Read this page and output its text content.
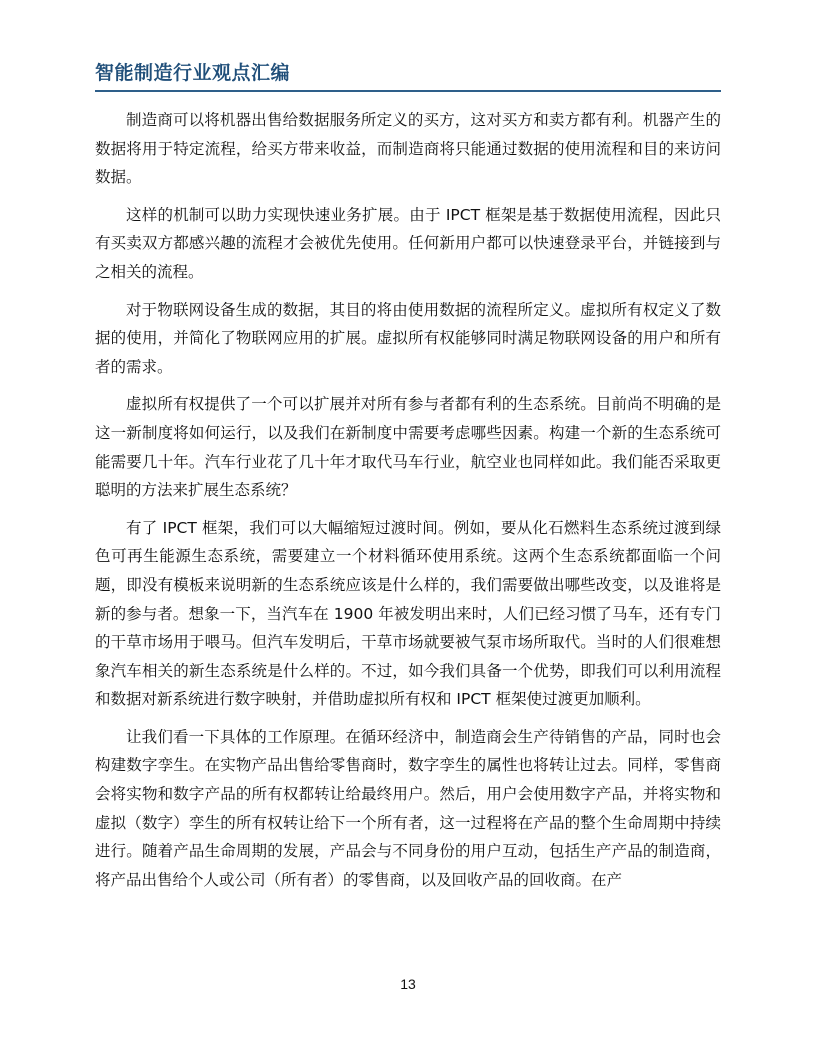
智能制造行业观点汇编

制造商可以将机器出售给数据服务所定义的买方，这对买方和卖方都有利。机器产生的数据将用于特定流程，给买方带来收益，而制造商将只能通过数据的使用流程和目的来访问数据。

这样的机制可以助力实现快速业务扩展。由于 IPCT 框架是基于数据使用流程，因此只有买卖双方都感兴趣的流程才会被优先使用。任何新用户都可以快速登录平台，并链接到与之相关的流程。

对于物联网设备生成的数据，其目的将由使用数据的流程所定义。虚拟所有权定义了数据的使用，并简化了物联网应用的扩展。虚拟所有权能够同时满足物联网设备的用户和所有者的需求。

虚拟所有权提供了一个可以扩展并对所有参与者都有利的生态系统。目前尚不明确的是这一新制度将如何运行，以及我们在新制度中需要考虑哪些因素。构建一个新的生态系统可能需要几十年。汽车行业花了几十年才取代马车行业，航空业也同样如此。我们能否采取更聪明的方法来扩展生态系统？

有了 IPCT 框架，我们可以大幅缩短过渡时间。例如，要从化石燃料生态系统过渡到绿色可再生能源生态系统，需要建立一个材料循环使用系统。这两个生态系统都面临一个问题，即没有模板来说明新的生态系统应该是什么样的，我们需要做出哪些改变，以及谁将是新的参与者。想象一下，当汽车在 1900 年被发明出来时，人们已经习惯了马车，还有专门的干草市场用于喂马。但汽车发明后，干草市场就要被气泵市场所取代。当时的人们很难想象汽车相关的新生态系统是什么样的。不过，如今我们具备一个优势，即我们可以利用流程和数据对新系统进行数字映射，并借助虚拟所有权和 IPCT 框架使过渡更加顺利。

让我们看一下具体的工作原理。在循环经济中，制造商会生产待销售的产品，同时也会构建数字孪生。在实物产品出售给零售商时，数字孪生的属性也将转让过去。同样，零售商会将实物和数字产品的所有权都转让给最终用户。然后，用户会使用数字产品，并将实物和虚拟（数字）孪生的所有权转让给下一个所有者，这一过程将在产品的整个生命周期中持续进行。随着产品生命周期的发展，产品会与不同身份的用户互动，包括生产产品的制造商，将产品出售给个人或公司（所有者）的零售商，以及回收产品的回收商。在产

13
